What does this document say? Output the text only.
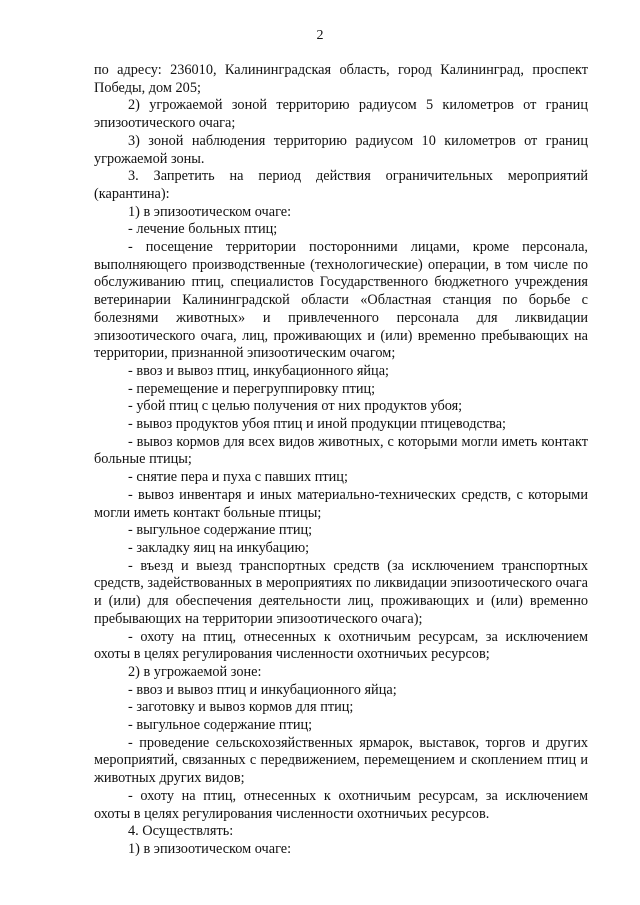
2

по адресу: 236010, Калининградская область, город Калининград, проспект Победы, дом 205;

2) угрожаемой зоной территорию радиусом 5 километров от границ эпизоотического очага;

3) зоной наблюдения территорию радиусом 10 километров от границ угрожаемой зоны.

3. Запретить на период действия ограничительных мероприятий (карантина):

1) в эпизоотическом очаге:

- лечение больных птиц;

- посещение территории посторонними лицами, кроме персонала, выполняющего производственные (технологические) операции, в том числе по обслуживанию птиц, специалистов Государственного бюджетного учреждения ветеринарии Калининградской области «Областная станция по борьбе с болезнями животных» и привлеченного персонала для ликвидации эпизоотического очага, лиц, проживающих и (или) временно пребывающих на территории, признанной эпизоотическим очагом;

- ввоз и вывоз птиц, инкубационного яйца;

- перемещение и перегруппировку птиц;

- убой птиц с целью получения от них продуктов убоя;

- вывоз продуктов убоя птиц и иной продукции птицеводства;

- вывоз кормов для всех видов животных, с которыми могли иметь контакт больные птицы;

- снятие пера и пуха с павших птиц;

- вывоз инвентаря и иных материально-технических средств, с которыми могли иметь контакт больные птицы;

- выгульное содержание птиц;

- закладку яиц на инкубацию;

- въезд и выезд транспортных средств (за исключением транспортных средств, задействованных в мероприятиях по ликвидации эпизоотического очага и (или) для обеспечения деятельности лиц, проживающих и (или) временно пребывающих на территории эпизоотического очага);

- охоту на птиц, отнесенных к охотничьим ресурсам, за исключением охоты в целях регулирования численности охотничьих ресурсов;

2) в угрожаемой зоне:

- ввоз и вывоз птиц и инкубационного яйца;

- заготовку и вывоз кормов для птиц;

- выгульное содержание птиц;

- проведение сельскохозяйственных ярмарок, выставок, торгов и других мероприятий, связанных с передвижением, перемещением и скоплением птиц и животных других видов;

- охоту на птиц, отнесенных к охотничьим ресурсам, за исключением охоты в целях регулирования численности охотничьих ресурсов.

4. Осуществлять:

1) в эпизоотическом очаге:
